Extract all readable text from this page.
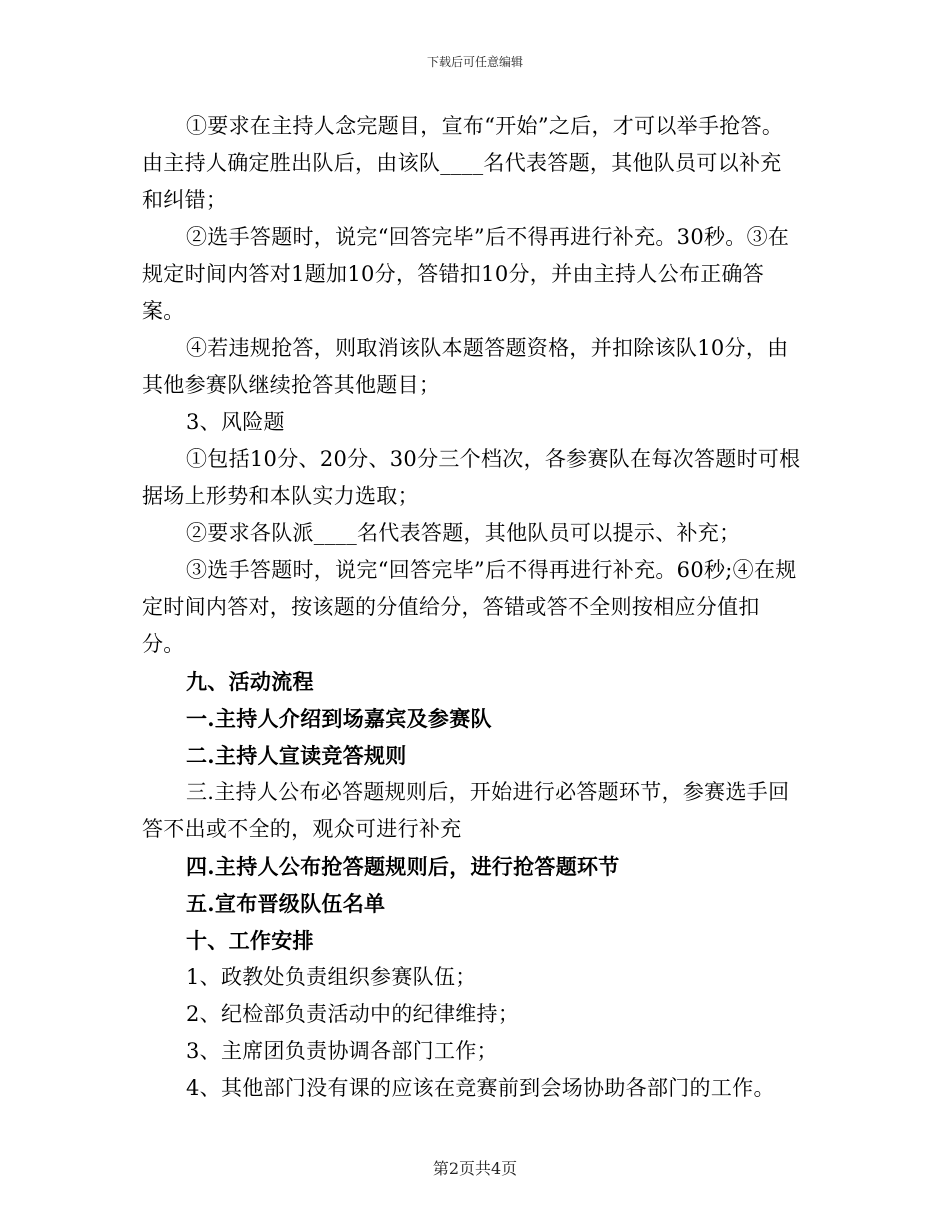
下载后可任意编辑

①要求在主持人念完题目，宣布“开始”之后，才可以举手抢答。由主持人确定胜出队后，由该队____名代表答题，其他队员可以补充和纠错；

②选手答题时，说完“回答完毕”后不得再进行补充。30秒。③在规定时间内答对1题加10分，答错扣10分，并由主持人公布正确答案。

④若违规抢答，则取消该队本题答题资格，并扣除该队10分，由其他参赛队继续抢答其他题目；

3、风险题

①包括10分、20分、30分三个档次，各参赛队在每次答题时可根据场上形势和本队实力选取；

②要求各队派____名代表答题，其他队员可以提示、补充；

③选手答题时，说完“回答完毕”后不得再进行补充。60秒;④在规定时间内答对，按该题的分值给分，答错或答不全则按相应分值扣分。

九、活动流程

一.主持人介绍到场嘉宾及参赛队

二.主持人宣读竞答规则

三.主持人公布必答题规则后，开始进行必答题环节，参赛选手回答不出或不全的，观众可进行补充

四.主持人公布抢答题规则后，进行抢答题环节

五.宣布晋级队伍名单

十、工作安排

1、政教处负责组织参赛队伍；

2、纪检部负责活动中的纪律维持；

3、主席团负责协调各部门工作；

4、其他部门没有课的应该在竞赛前到会场协助各部门的工作。

第2页共4页
